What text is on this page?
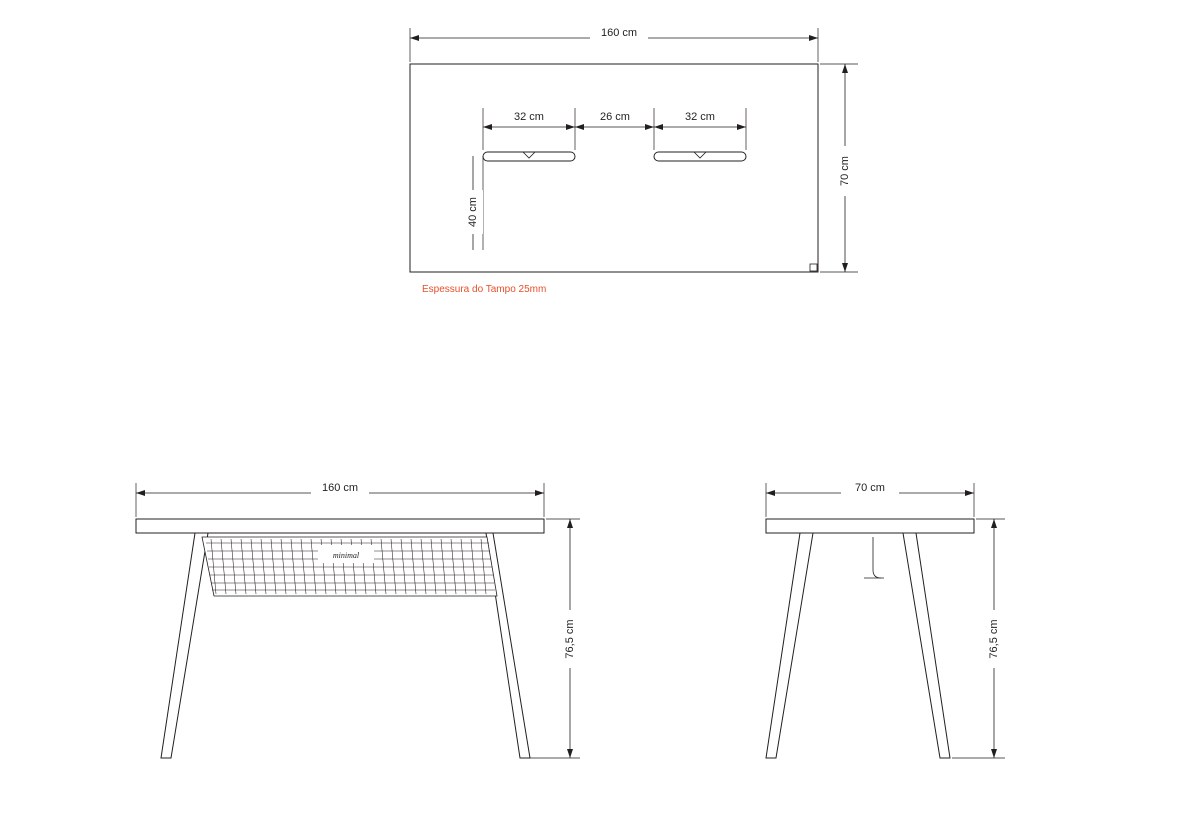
160 cm
70 cm
32 cm	26 cm	32 cm
40 cm
Espessura do Tampo 25mm
minimal
160 cm
76,5 cm
70 cm
76,5 cm
